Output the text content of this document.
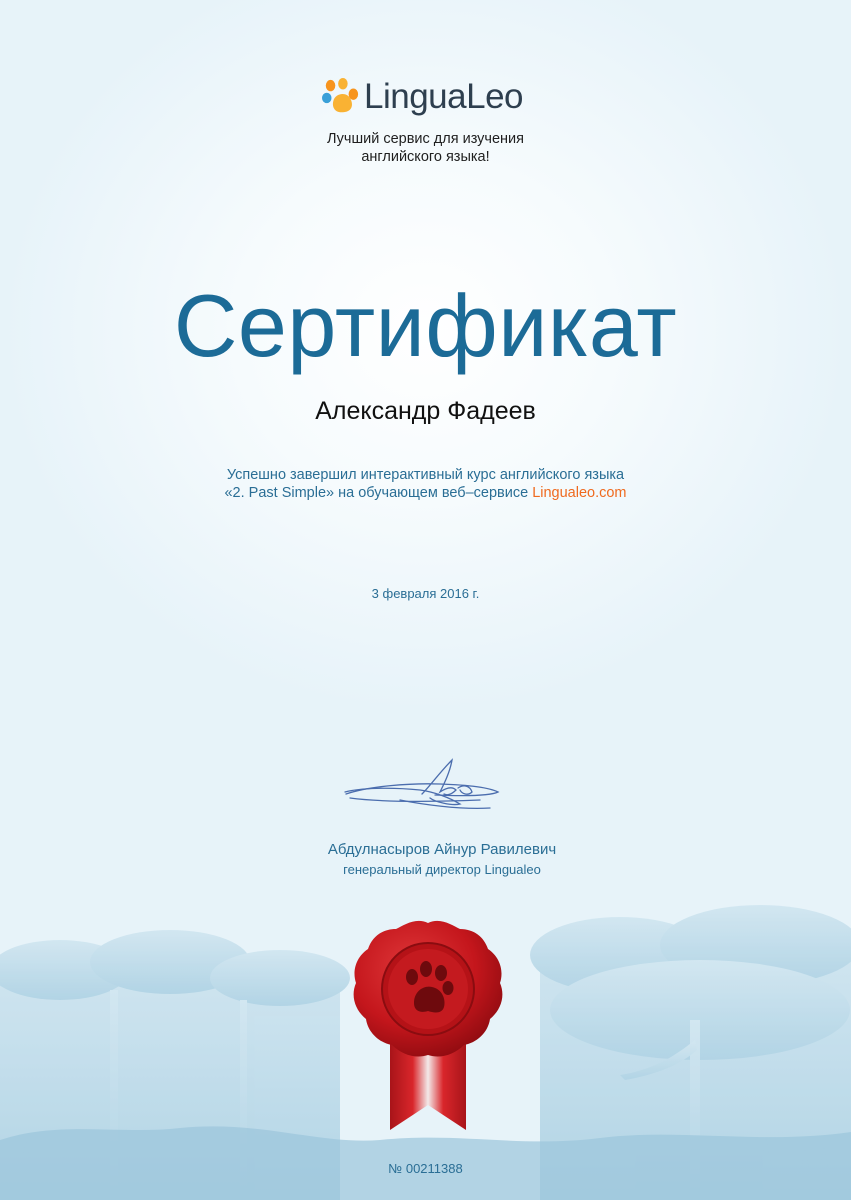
LinguaLeo
Лучший сервис для изучения
английского языка!
Сертификат
Александр Фадеев
Успешно завершил интерактивный курс английского языка
«2. Past Simple» на обучающем веб–сервисе Lingualeo.com
3 февраля 2016 г.
Абдулнасыров Айнур Равилевич
генеральный директор Lingualeo
№ 00211388
